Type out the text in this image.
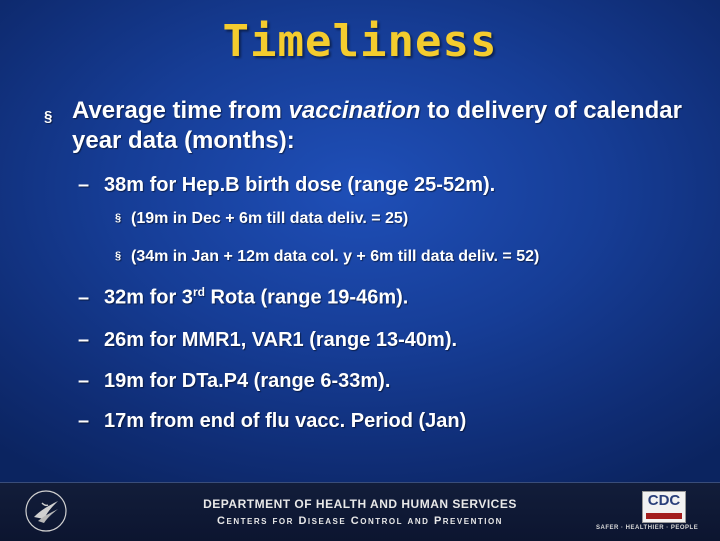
Timeliness
§ Average time from vaccination to delivery of calendar year data (months):
– 38m for Hep.B birth dose (range 25-52m).
§ (19m in Dec + 6m till data deliv. = 25)
§ (34m in Jan + 12m data col. y + 6m till data deliv. = 52)
– 32m for 3rd Rota (range 19-46m).
– 26m for MMR1, VAR1 (range 13-40m).
– 19m for DTa.P4 (range 6-33m).
– 17m from end of flu vacc. Period (Jan)
DEPARTMENT OF HEALTH AND HUMAN SERVICES
Centers for Disease Control and Prevention
CDC
SAFER · HEALTHIER · PEOPLE
